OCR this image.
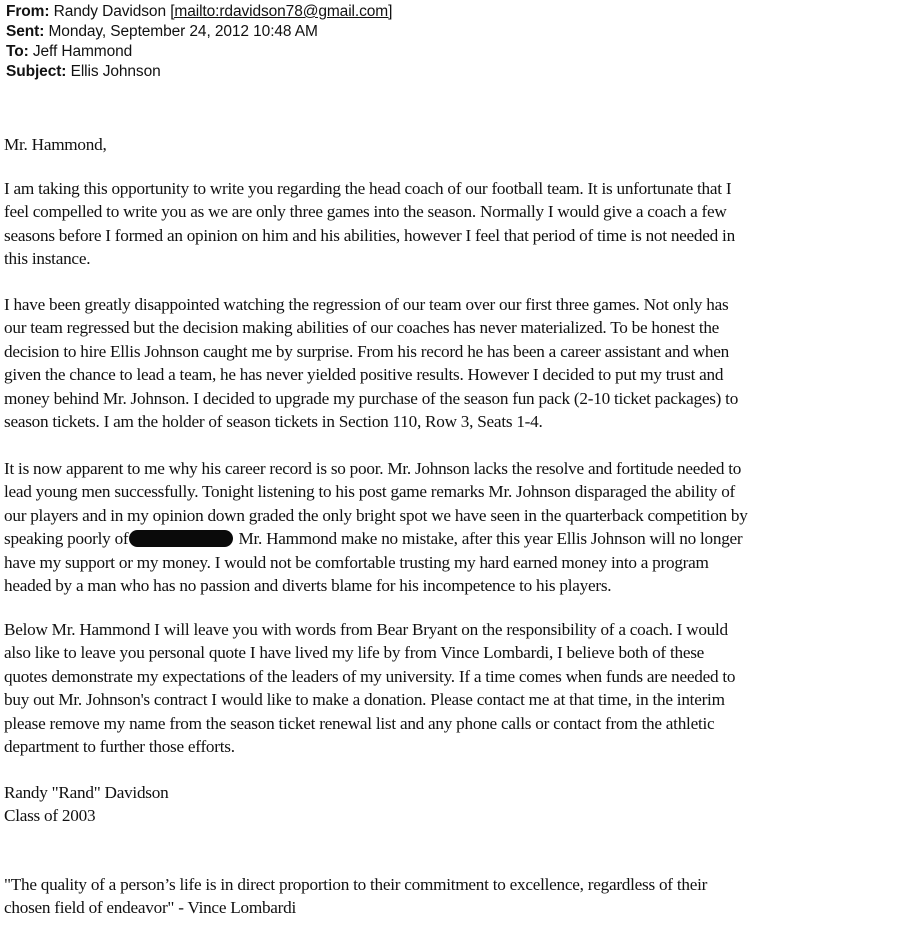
From: Randy Davidson [mailto:rdavidson78@gmail.com]
Sent: Monday, September 24, 2012 10:48 AM
To: Jeff Hammond
Subject: Ellis Johnson

Mr. Hammond,

I am taking this opportunity to write you regarding the head coach of our football team. It is unfortunate that I
feel compelled to write you as we are only three games into the season. Normally I would give a coach a few
seasons before I formed an opinion on him and his abilities, however I feel that period of time is not needed in
this instance.

I have been greatly disappointed watching the regression of our team over our first three games. Not only has
our team regressed but the decision making abilities of our coaches has never materialized. To be honest the
decision to hire Ellis Johnson caught me by surprise. From his record he has been a career assistant and when
given the chance to lead a team, he has never yielded positive results. However I decided to put my trust and
money behind Mr. Johnson. I decided to upgrade my purchase of the season fun pack (2-10 ticket packages) to
season tickets. I am the holder of season tickets in Section 110, Row 3, Seats 1-4.

It is now apparent to me why his career record is so poor. Mr. Johnson lacks the resolve and fortitude needed to
lead young men successfully. Tonight listening to his post game remarks Mr. Johnson disparaged the ability of
our players and in my opinion down graded the only bright spot we have seen in the quarterback competition by
speaking poorly of	Mr. Hammond make no mistake, after this year Ellis Johnson will no longer
have my support or my money. I would not be comfortable trusting my hard earned money into a program
headed by a man who has no passion and diverts blame for his incompetence to his players.

Below Mr. Hammond I will leave you with words from Bear Bryant on the responsibility of a coach. I would
also like to leave you personal quote I have lived my life by from Vince Lombardi, I believe both of these
quotes demonstrate my expectations of the leaders of my university. If a time comes when funds are needed to
buy out Mr. Johnson's contract I would like to make a donation. Please contact me at that time, in the interim
please remove my name from the season ticket renewal list and any phone calls or contact from the athletic
department to further those efforts.

Randy "Rand" Davidson
Class of 2003

"The quality of a person’s life is in direct proportion to their commitment to excellence, regardless of their
chosen field of endeavor" - Vince Lombardi
